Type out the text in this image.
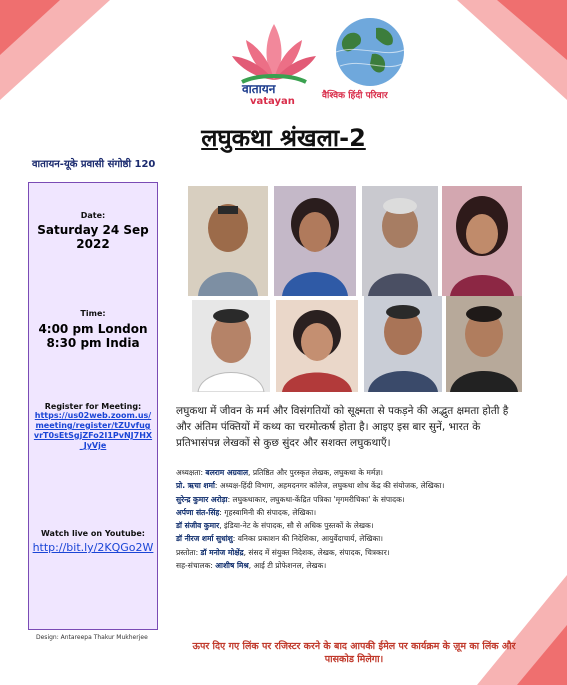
वातायन
vatayan	वैश्विक हिंदी परिवार
लघुकथा श्रंखला-2
वातायन-यूके प्रवासी संगोष्ठी 120
Date:
Saturday 24 Sep 2022
Time:
4:00 pm London
8:30 pm India
Register for Meeting:
https://us02web.zoom.us/meeting/register/tZUvfugvrT0sEtSgjZFo2I1PvNJ7HX_JyVje
Watch live on Youtube:
http://bit.ly/2KQGo2W
Design: Antareepa Thakur Mukherjee
लघुकथा में जीवन के मर्म और विसंगतियों को सूक्ष्मता से पकड़ने की अद्भुत क्षमता होती है और अंतिम पंक्तियों में कथ्य का चरमोत्कर्ष होता है। आइए इस बार सुनें, भारत के प्रतिभासंपन्न लेखकों से कुछ सुंदर और सशक्त लघुकथाएँ।
अध्यक्षता: बलराम अग्रवाल, प्रतिष्ठित और पुरस्कृत लेखक, लघुकथा के मर्मज्ञ।
प्रो. ऋचा शर्मा: अध्यक्ष-हिंदी विभाग, अहमदनगर कॉलेज, लघुकथा शोध केंद्र की संयोजक, लेखिका।
सुरेन्द्र कुमार अरोड़ा: लघुकथाकार, लघुकथा-केंद्रित पत्रिका 'मृगमरीचिका' के संपादक।
अर्पणा संत-सिंह: गृहस्वामिनी की संपादक, लेखिका।
डॉ संजीव कुमार, इंडिया-नेट के संपादक, सौ से अधिक पुस्तकों के लेखक।
डॉ नीरज शर्मा सुधांशु: वनिका प्रकाशन की निदेशिका, आयुर्वेदाचार्य, लेखिका।
प्रस्तोता: डॉ मनोज मोक्षेंद्र, संसद में संयुक्त निदेशक, लेखक, संपादक, चित्रकार।
सह-संचालक: आशीष मिश्र, आई टी प्रोफेशनल, लेखक।
ऊपर दिए गए लिंक पर रजिस्टर करने के बाद आपकी ईमेल पर कार्यक्रम के ज़ूम का लिंक और पासकोड मिलेगा।
